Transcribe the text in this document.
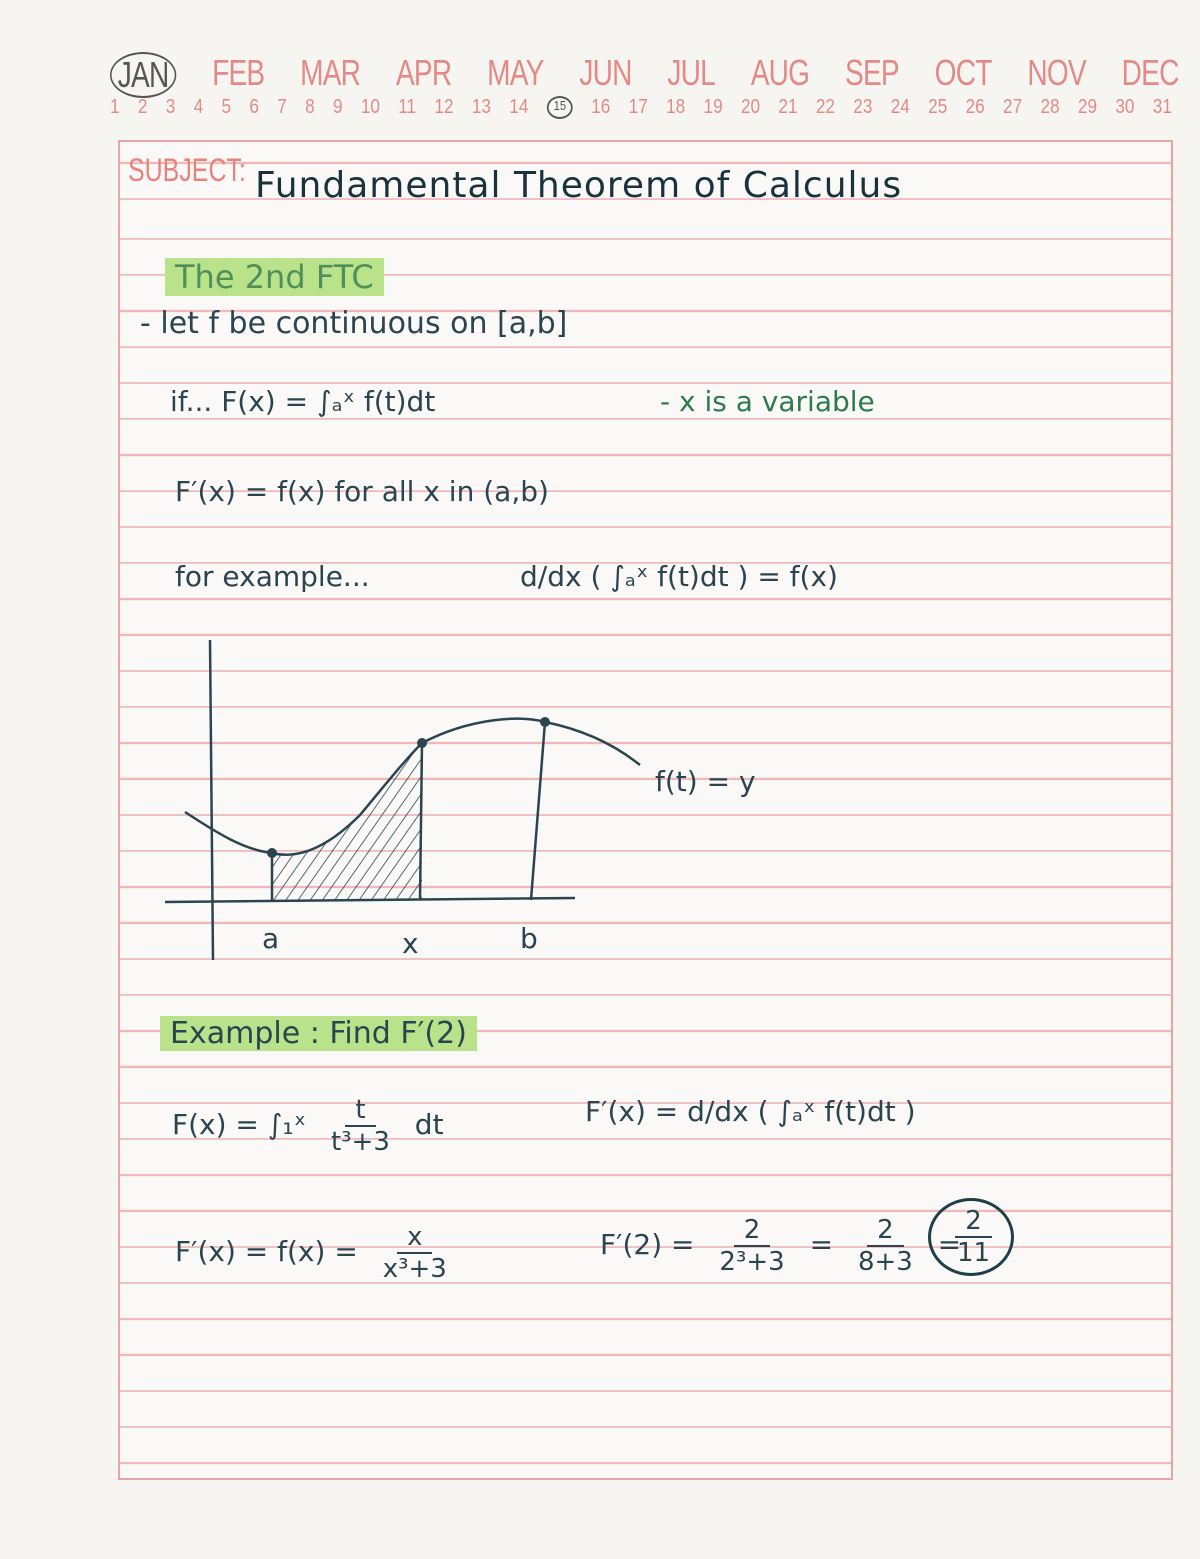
JAN FEB MAR APR MAY JUN JUL AUG SEP OCT NOV DEC
1 2 3 4 5 6 7 8 9 10 11 12 13 14	15	16 17 18 19 20 21 22 23 24 25 26 27 28 29 30 31
SUBJECT: Fundamental Theorem of Calculus
The 2nd FTC
- let f be continuous on [a,b]
if... F(x) = ∫ₐˣ f(t)dt	- x is a variable
F′(x) = f(x) for all x in (a,b)
for example...	d/dx ( ∫ₐˣ f(t)dt ) = f(x)
a	x	b
f(t) = y
Example : Find F′(2)
F(x) = ∫₁ˣ $\frac{t}{\text{t³+3}}$ dt	F′(x) = d/dx ( ∫ₐˣ f(t)dt )
$F'(x) = f(x) = \frac{x}{\text{x³+3}}$	$F'(2) = \frac{2}{\text{2³+3}} = \frac{2}{8+3}$ =
$\frac{2}{11}$
